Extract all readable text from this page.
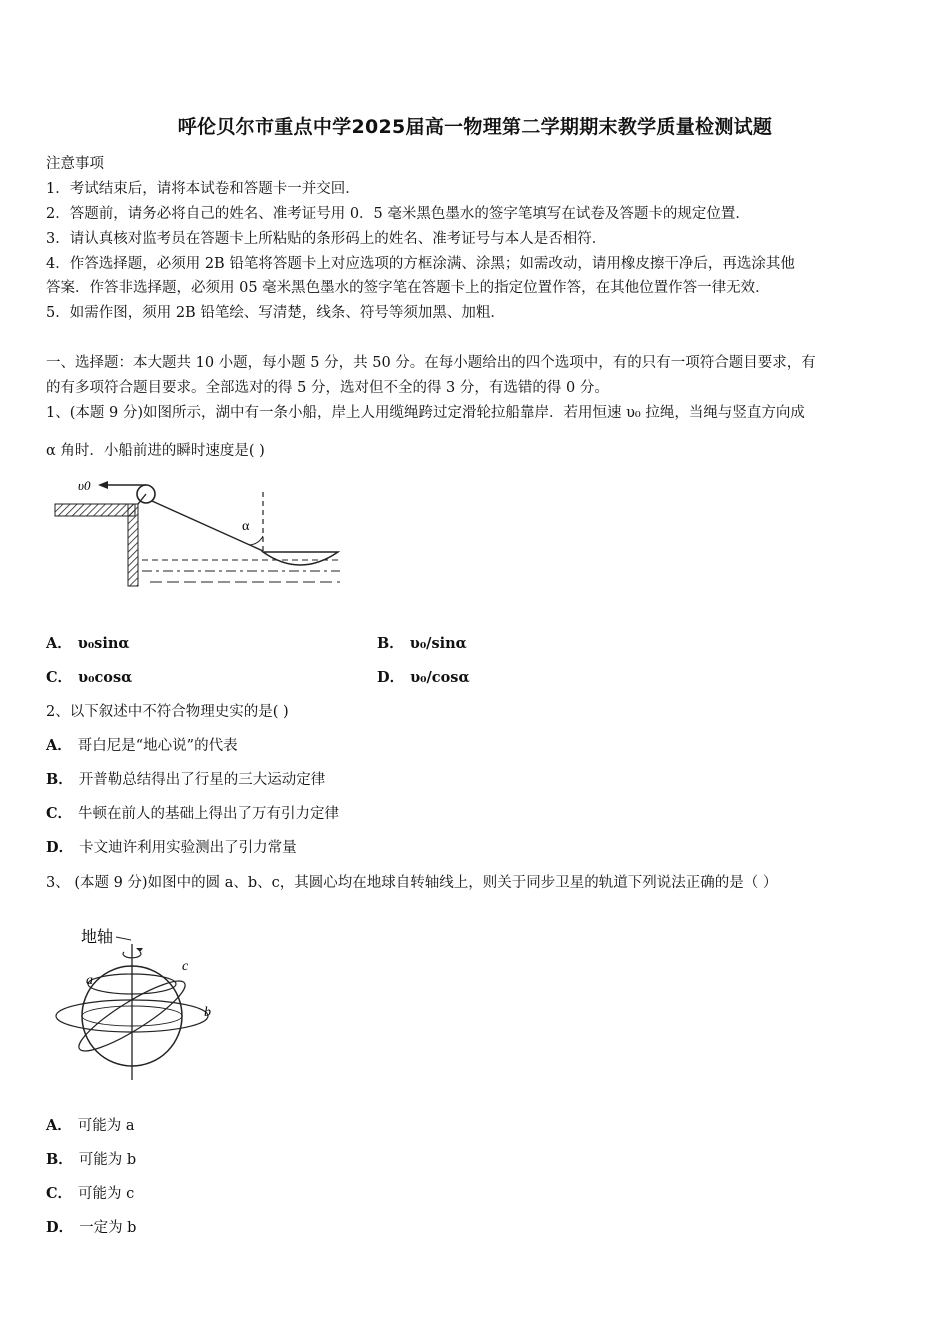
呼伦贝尔市重点中学2025届高一物理第二学期期末教学质量检测试题
注意事项
1．考试结束后，请将本试卷和答题卡一并交回．
2．答题前，请务必将自己的姓名、准考证号用 0．5 毫米黑色墨水的签字笔填写在试卷及答题卡的规定位置．
3．请认真核对监考员在答题卡上所粘贴的条形码上的姓名、准考证号与本人是否相符．
4．作答选择题，必须用 2B 铅笔将答题卡上对应选项的方框涂满、涂黑；如需改动，请用橡皮擦干净后，再选涂其他
答案．作答非选择题，必须用 05 毫米黑色墨水的签字笔在答题卡上的指定位置作答，在其他位置作答一律无效．
5．如需作图，须用 2B 铅笔绘、写清楚，线条、符号等须加黑、加粗．
一、选择题：本大题共 10 小题，每小题 5 分，共 50 分。在每小题给出的四个选项中，有的只有一项符合题目要求，有
的有多项符合题目要求。全部选对的得 5 分，选对但不全的得 3 分，有选错的得 0 分。
1、(本题 9 分)如图所示，湖中有一条小船，岸上人用缆绳跨过定滑轮拉船靠岸．若用恒速 υ₀ 拉绳，当绳与竖直方向成
α 角时．小船前进的瞬时速度是( )
υ0
α
A． υ₀sinα	B． υ₀/sinα
C． υ₀cosα	D． υ₀/cosα
2、以下叙述中不符合物理史实的是( )
A． 哥白尼是“地心说”的代表
B． 开普勒总结得出了行星的三大运动定律
C． 牛顿在前人的基础上得出了万有引力定律
D． 卡文迪许利用实验测出了引力常量
3、 (本题 9 分)如图中的圆 a、b、c，其圆心均在地球自转轴线上，则关于同步卫星的轨道下列说法正确的是（ ）
地轴
a
b
c
A． 可能为 a
B． 可能为 b
C． 可能为 c
D． 一定为 b
